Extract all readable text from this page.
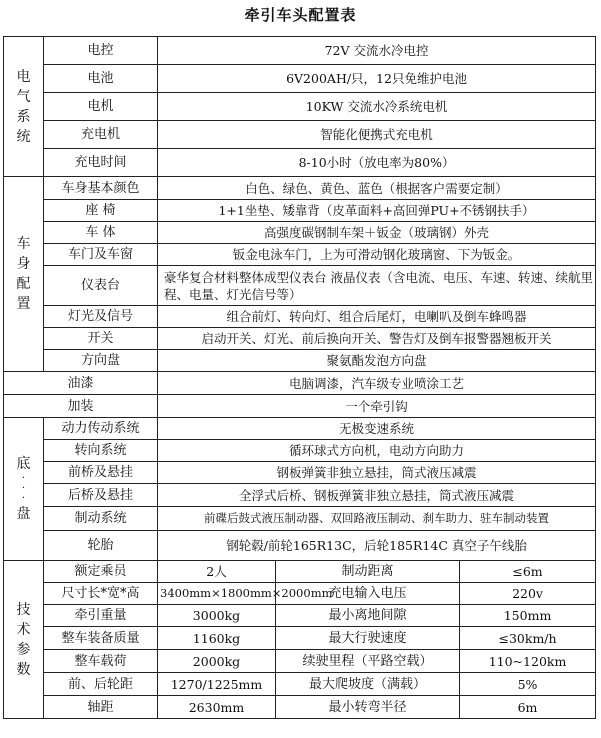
牵引车头配置表
电
气
系
统	电控	72V 交流水冷电控		
	电池	6V200AH/只，12只免维护电池		
	电机	10KW 交流水冷系统电机		
	充电机	智能化便携式充电机		
	充电时间	8-10小时（放电率为80%）		

车
身
配
置	车身基本颜色	白色、绿色、黄色、蓝色（根据客户需要定制）		
	座 椅	1+1坐垫、矮靠背（皮革面料+高回弹PU+不锈钢扶手）		
	车 体	高强度碳钢制车架＋钣金（玻璃钢）外壳		
	车门及车窗	钣金电泳车门，上为可滑动钢化玻璃窗、下为钣金。		
	仪表台	豪华复合材料整体成型仪表台 液晶仪表（含电流、电压、车速、转速、续航里程、电量、灯光信号等）		
	灯光及信号	组合前灯、转向灯、组合后尾灯，电喇叭及倒车蜂鸣器		
	开关	启动开关、灯光、前后换向开关、警告灯及倒车报警器翘板开关		
	方向盘	聚氨酯发泡方向盘		
油漆		电脑调漆，汽车级专业喷涂工艺		
加装		一个牵引钩		

底
·
·
·
盘	动力传动系统	无极变速系统		
	转向系统	循环球式方向机，电动方向助力		
	前桥及悬挂	钢板弹簧非独立悬挂，筒式液压减震		
	后桥及悬挂	全浮式后桥、钢板弹簧非独立悬挂，筒式液压减震		
	制动系统	前碟后鼓式液压制动器、双回路液压制动、刹车助力、驻车制动装置		
	轮胎	钢轮毂/前轮165R13C，后轮185R14C 真空子午线胎		

技
术
参
数	额定乘员	2人	制动距离	≤6m
	尺寸长*宽*高	3400mm×1800mm×2000mm	充电输入电压	220v
	牵引重量	3000kg	最小离地间隙	150mm
	整车装备质量	1160kg	最大行驶速度	≤30km/h
	整车载荷	2000kg	续驶里程（平路空载）	110~120km
	前、后轮距	1270/1225mm	最大爬坡度（满载）	5%
	轴距	2630mm	最小转弯半径	6m
